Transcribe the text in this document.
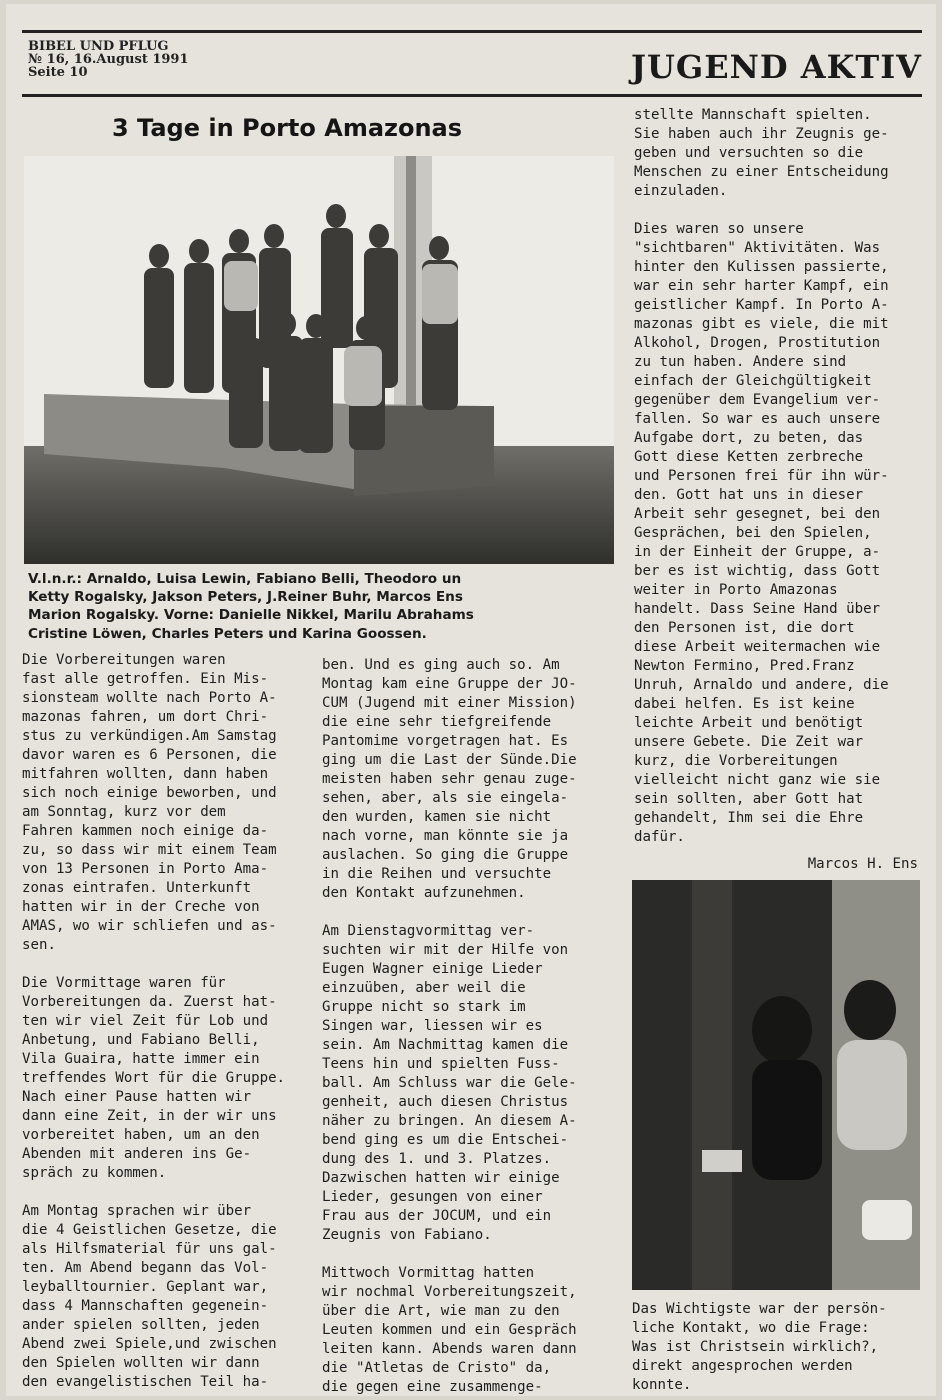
BIBEL UND PFLUG
№ 16, 16.August 1991
Seite 10	JUGEND AKTIV
3 Tage in Porto Amazonas

V.l.n.r.: Arnaldo, Luisa Lewin, Fabiano Belli, Theodoro un

Ketty Rogalsky, Jakson Peters, J.Reiner Buhr, Marcos Ens

Marion Rogalsky. Vorne: Danielle Nikkel, Marilu Abrahams

Cristine Löwen, Charles Peters und Karina Goossen.

Die Vorbereitungen waren

fast alle getroffen. Ein Mis-

sionsteam wollte nach Porto A-

mazonas fahren, um dort Chri-

stus zu verkündigen.Am Samstag

davor waren es 6 Personen, die

mitfahren wollten, dann haben

sich noch einige beworben, und

am Sonntag, kurz vor dem

Fahren kammen noch einige da-

zu, so dass wir mit einem Team

von 13 Personen in Porto Ama-

zonas eintrafen. Unterkunft

hatten wir in der Creche von

AMAS, wo wir schliefen und as-

sen.

Die Vormittage waren für

Vorbereitungen da. Zuerst hat-

ten wir viel Zeit für Lob und

Anbetung, und Fabiano Belli,

Vila Guaira, hatte immer ein

treffendes Wort für die Gruppe.

Nach einer Pause hatten wir

dann eine Zeit, in der wir uns

vorbereitet haben, um an den

Abenden mit anderen ins Ge-

spräch zu kommen.

Am Montag sprachen wir über

die 4 Geistlichen Gesetze, die

als Hilfsmaterial für uns gal-

ten. Am Abend begann das Vol-

leyballtournier. Geplant war,

dass 4 Mannschaften gegenein-

ander spielen sollten, jeden

Abend zwei Spiele,und zwischen

den Spielen wollten wir dann

den evangelistischen Teil ha-

ben. Und es ging auch so. Am

Montag kam eine Gruppe der JO-

CUM (Jugend mit einer Mission)

die eine sehr tiefgreifende

Pantomime vorgetragen hat. Es

ging um die Last der Sünde.Die

meisten haben sehr genau zuge-

sehen, aber, als sie eingela-

den wurden, kamen sie nicht

nach vorne, man könnte sie ja

auslachen. So ging die Gruppe

in die Reihen und versuchte

den Kontakt aufzunehmen.

Am Dienstagvormittag ver-

suchten wir mit der Hilfe von

Eugen Wagner einige Lieder

einzuüben, aber weil die

Gruppe nicht so stark im

Singen war, liessen wir es

sein. Am Nachmittag kamen die

Teens hin und spielten Fuss-

ball. Am Schluss war die Gele-

genheit, auch diesen Christus

näher zu bringen. An diesem A-

bend ging es um die Entschei-

dung des 1. und 3. Platzes.

Dazwischen hatten wir einige

Lieder, gesungen von einer

Frau aus der JOCUM, und ein

Zeugnis von Fabiano.

Mittwoch Vormittag hatten

wir nochmal Vorbereitungszeit,

über die Art, wie man zu den

Leuten kommen und ein Gespräch

leiten kann. Abends waren dann

die "Atletas de Cristo" da,

die gegen eine zusammenge-

stellte Mannschaft spielten.

Sie haben auch ihr Zeugnis ge-

geben und versuchten so die

Menschen zu einer Entscheidung

einzuladen.

Dies waren so unsere

"sichtbaren" Aktivitäten. Was

hinter den Kulissen passierte,

war ein sehr harter Kampf, ein

geistlicher Kampf. In Porto A-

mazonas gibt es viele, die mit

Alkohol, Drogen, Prostitution

zu tun haben. Andere sind

einfach der Gleichgültigkeit

gegenüber dem Evangelium ver-

fallen. So war es auch unsere

Aufgabe dort, zu beten, das

Gott diese Ketten zerbreche

und Personen frei für ihn wür-

den. Gott hat uns in dieser

Arbeit sehr gesegnet, bei den

Gesprächen, bei den Spielen,

in der Einheit der Gruppe, a-

ber es ist wichtig, dass Gott

weiter in Porto Amazonas

handelt. Dass Seine Hand über

den Personen ist, die dort

diese Arbeit weitermachen wie

Newton Fermino, Pred.Franz

Unruh, Arnaldo und andere, die

dabei helfen. Es ist keine

leichte Arbeit und benötigt

unsere Gebete. Die Zeit war

kurz, die Vorbereitungen

vielleicht nicht ganz wie sie

sein sollten, aber Gott hat

gehandelt, Ihm sei die Ehre

dafür.

Marcos H. Ens

Das Wichtigste war der persön-

liche Kontakt, wo die Frage:

Was ist Christsein wirklich?,

direkt angesprochen werden

konnte.
